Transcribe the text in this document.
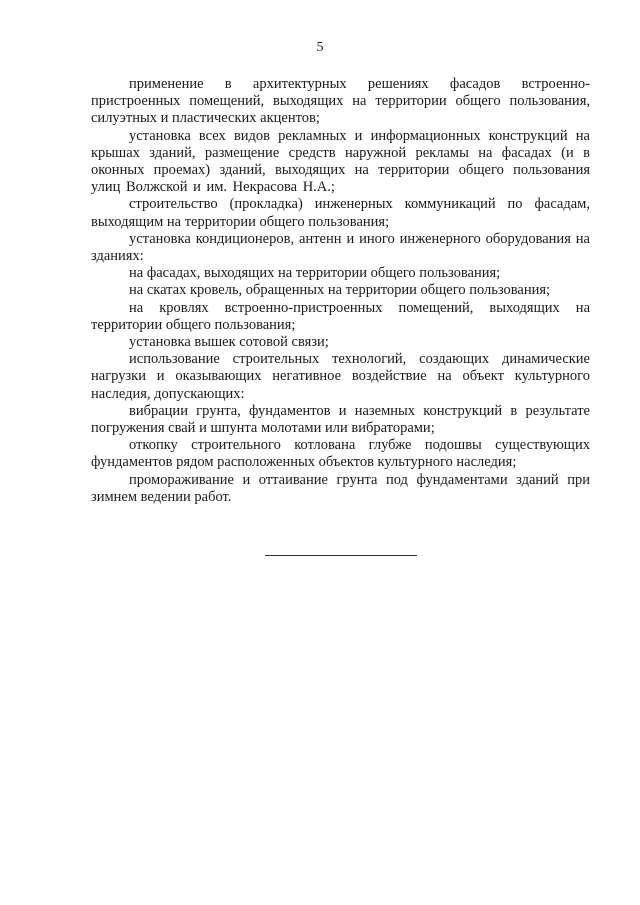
5

применение в архитектурных решениях фасадов встроенно-пристроенных помещений, выходящих на территории общего пользования, силуэтных и пластических акцентов;

установка всех видов рекламных и информационных конструкций на крышах зданий, размещение средств наружной рекламы на фасадах (и в оконных проемах) зданий, выходящих на территории общего пользования улиц Волжской и им. Некрасова Н.А.;

строительство (прокладка) инженерных коммуникаций по фасадам, выходящим на территории общего пользования;

установка кондиционеров, антенн и иного инженерного оборудования на зданиях:

на фасадах, выходящих на территории общего пользования;

на скатах кровель, обращенных на территории общего пользования;

на кровлях встроенно-пристроенных помещений, выходящих на территории общего пользования;

установка вышек сотовой связи;

использование строительных технологий, создающих динамические нагрузки и оказывающих негативное воздействие на объект культурного наследия, допускающих:

вибрации грунта, фундаментов и наземных конструкций в результате погружения свай и шпунта молотами или вибраторами;

откопку строительного котлована глубже подошвы существующих фундаментов рядом расположенных объектов культурного наследия;

промораживание и оттаивание грунта под фундаментами зданий при зимнем ведении работ.
